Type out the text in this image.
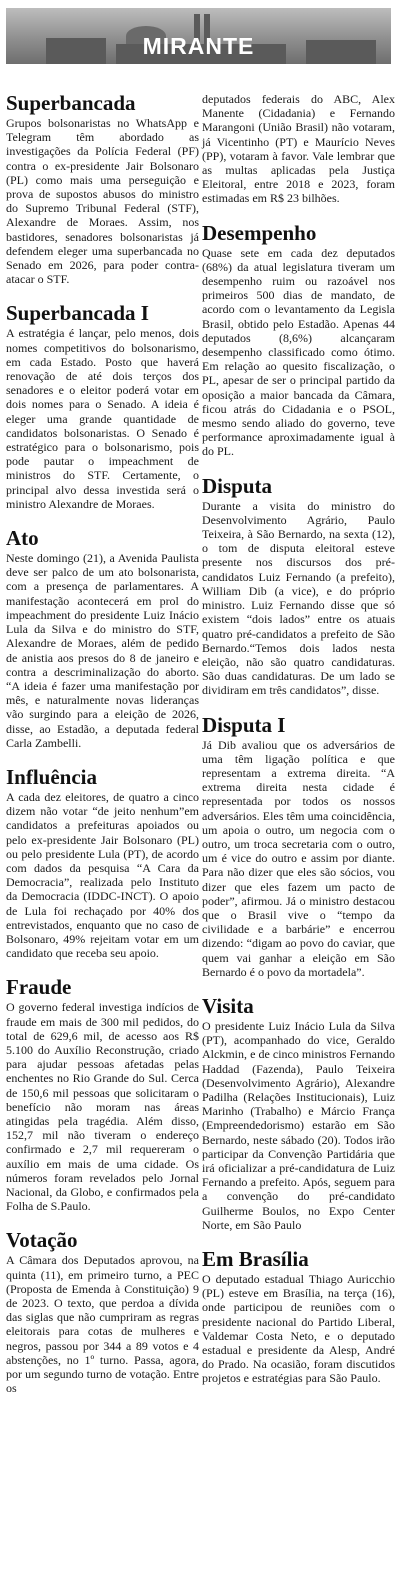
MIRANTE
Superbancada

Grupos bolsonaristas no WhatsApp e Telegram têm abordado as investigações da Polícia Federal (PF) contra o ex-presidente Jair Bolsonaro (PL) como mais uma perseguição e prova de supostos abusos do ministro do Supremo Tribunal Federal (STF), Alexandre de Moraes. Assim, nos bastidores, senadores bolsonaristas já defendem eleger uma superbancada no Senado em 2026, para poder contra-atacar o STF.

Superbancada I

A estratégia é lançar, pelo menos, dois nomes competitivos do bolsonarismo, em cada Estado. Posto que haverá renovação de até dois terços dos senadores e o eleitor poderá votar em dois nomes para o Senado. A ideia é eleger uma grande quantidade de candidatos bolsonaristas. O Senado é estratégico para o bolsonarismo, pois pode pautar o impeachment de ministros do STF. Certamente, o principal alvo dessa investida será o ministro Alexandre de Moraes.

Ato

Neste domingo (21), a Avenida Paulista deve ser palco de um ato bolsonarista, com a presença de parlamentares. A manifestação acontecerá em prol do impeachment do presidente Luiz Inácio Lula da Silva e do ministro do STF, Alexandre de Moraes, além de pedido de anistia aos presos do 8 de janeiro e contra a descriminalização do aborto. “A ideia é fazer uma manifestação por mês, e naturalmente novas lideranças vão surgindo para a eleição de 2026, disse, ao Estadão, a deputada federal Carla Zambelli.

Influência

A cada dez eleitores, de quatro a cinco dizem não votar “de jeito nenhum”em candidatos a prefeituras apoiados ou pelo ex-presidente Jair Bolsonaro (PL) ou pelo presidente Lula (PT), de acordo com dados da pesquisa “A Cara da Democracia”, realizada pelo Instituto da Democracia (IDDC-INCT). O apoio de Lula foi rechaçado por 40% dos entrevistados, enquanto que no caso de Bolsonaro, 49% rejeitam votar em um candidato que receba seu apoio.

Fraude

O governo federal investiga indícios de fraude em mais de 300 mil pedidos, do total de 629,6 mil, de acesso aos R$ 5.100 do Auxílio Reconstrução, criado para ajudar pessoas afetadas pelas enchentes no Rio Grande do Sul. Cerca de 150,6 mil pessoas que solicitaram o benefício não moram nas áreas atingidas pela tragédia. Além disso, 152,7 mil não tiveram o endereço confirmado e 2,7 mil requereram o auxílio em mais de uma cidade. Os números foram revelados pelo Jornal Nacional, da Globo, e confirmados pela Folha de S.Paulo.

Votação

A Câmara dos Deputados aprovou, na quinta (11), em primeiro turno, a PEC (Proposta de Emenda à Constituição) 9 de 2023. O texto, que perdoa a dívida das siglas que não cumpriram as regras eleitorais para cotas de mulheres e negros, passou por 344 a 89 votos e 4 abstenções, no 1º turno. Passa, agora, por um segundo turno de votação. Entre os

deputados federais do ABC, Alex Manente (Cidadania) e Fernando Marangoni (União Brasil) não votaram, já Vicentinho (PT) e Maurício Neves (PP), votaram à favor. Vale lembrar que as multas aplicadas pela Justiça Eleitoral, entre 2018 e 2023, foram estimadas em R$ 23 bilhões.

Desempenho

Quase sete em cada dez deputados (68%) da atual legislatura tiveram um desempenho ruim ou razoável nos primeiros 500 dias de mandato, de acordo com o levantamento da Legisla Brasil, obtido pelo Estadão. Apenas 44 deputados (8,6%) alcançaram desempenho classificado como ótimo. Em relação ao quesito fiscalização, o PL, apesar de ser o principal partido da oposição a maior bancada da Câmara, ficou atrás do Cidadania e o PSOL, mesmo sendo aliado do governo, teve performance aproximadamente igual à do PL.

Disputa

Durante a visita do ministro do Desenvolvimento Agrário, Paulo Teixeira, à São Bernardo, na sexta (12), o tom de disputa eleitoral esteve presente nos discursos dos pré-candidatos Luiz Fernando (a prefeito), William Dib (a vice), e do próprio ministro. Luiz Fernando disse que só existem “dois lados” entre os atuais quatro pré-candidatos a prefeito de São Bernardo.“Temos dois lados nesta eleição, não são quatro candidaturas. São duas candidaturas. De um lado se dividiram em três candidatos”, disse.

Disputa I

Já Dib avaliou que os adversários de uma têm ligação política e que representam a extrema direita. “A extrema direita nesta cidade é representada por todos os nossos adversários. Eles têm uma coincidência, um apoia o outro, um negocia com o outro, um troca secretaria com o outro, um é vice do outro e assim por diante. Para não dizer que eles são sócios, vou dizer que eles fazem um pacto de poder”, afirmou. Já o ministro destacou que o Brasil vive o “tempo da civilidade e a barbárie” e encerrou dizendo: “digam ao povo do caviar, que quem vai ganhar a eleição em São Bernardo é o povo da mortadela”.

Visita

O presidente Luiz Inácio Lula da Silva (PT), acompanhado do vice, Geraldo Alckmin, e de cinco ministros Fernando Haddad (Fazenda), Paulo Teixeira (Desenvolvimento Agrário), Alexandre Padilha (Relações Institucionais), Luiz Marinho (Trabalho) e Márcio França (Empreendedorismo) estarão em São Bernardo, neste sábado (20). Todos irão participar da Convenção Partidária que irá oficializar a pré-candidatura de Luiz Fernando a prefeito. Após, seguem para a convenção do pré-candidato Guilherme Boulos, no Expo Center Norte, em São Paulo

Em Brasília

O deputado estadual Thiago Auricchio (PL) esteve em Brasília, na terça (16), onde participou de reuniões com o presidente nacional do Partido Liberal, Valdemar Costa Neto, e o deputado estadual e presidente da Alesp, André do Prado. Na ocasião, foram discutidos projetos e estratégias para São Paulo.
